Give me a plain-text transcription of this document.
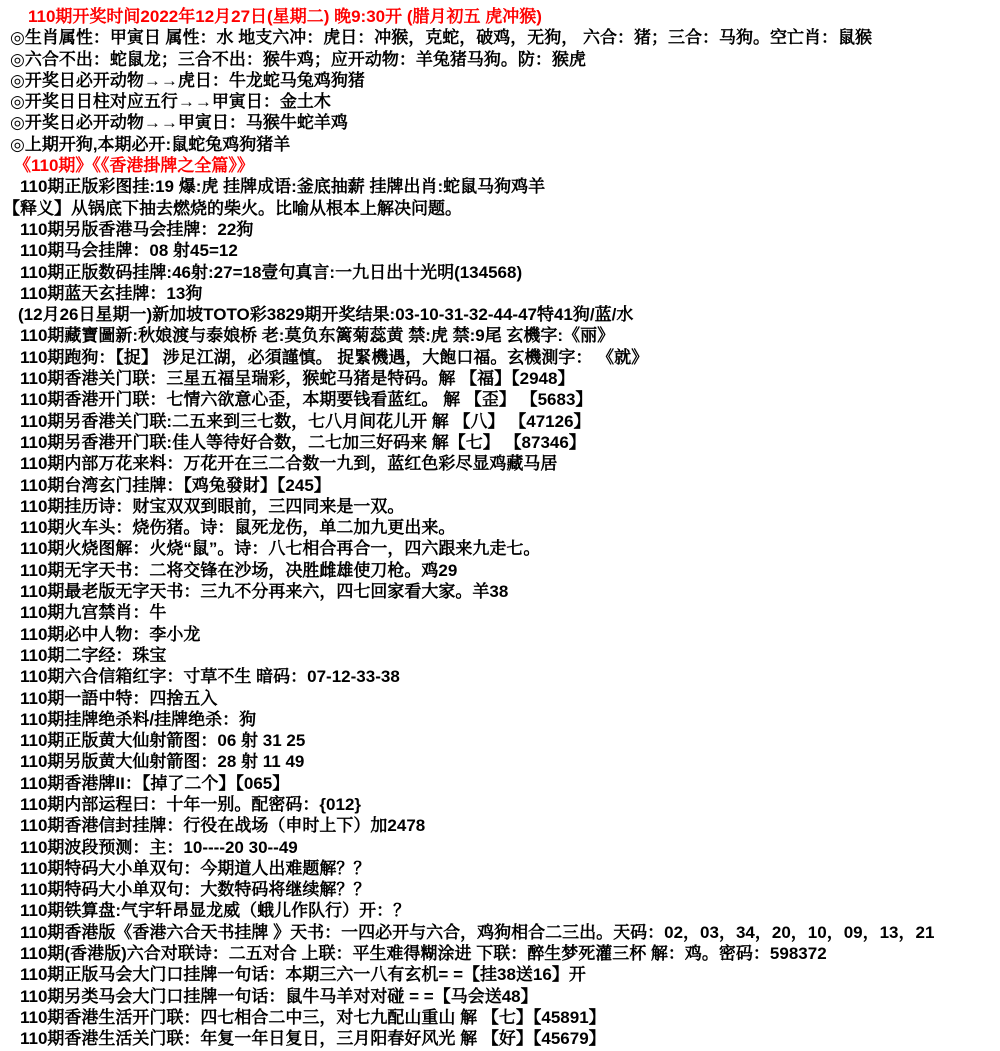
110期开奖时间2022年12月27日(星期二) 晚9:30开 (腊月初五 虎冲猴)
◎生肖属性：甲寅日 属性：水 地支六冲：虎日：冲猴，克蛇，破鸡，无狗， 六合：猪；三合：马狗。空亡肖：鼠猴
◎六合不出：蛇鼠龙；三合不出：猴牛鸡；应开动物：羊兔猪马狗。防：猴虎
◎开奖日必开动物→→虎日：牛龙蛇马兔鸡狗猪
◎开奖日日柱对应五行→→甲寅日：金土木
◎开奖日必开动物→→甲寅日：马猴牛蛇羊鸡
◎上期开狗,本期必开:鼠蛇兔鸡狗猪羊
《110期》《《香港掛牌之全篇》》
110期正版彩图挂:19 爆:虎 挂牌成语:釜底抽薪 挂牌出肖:蛇鼠马狗鸡羊
【释义】从锅底下抽去燃烧的柴火。比喻从根本上解决问题。
110期另版香港马会挂牌：22狗
110期马会挂牌：08 射45=12
110期正版数码挂牌:46射:27=18壹句真言:一九日出十光明(134568)
110期蓝天玄挂牌：13狗
(12月26日星期一)新加坡TOTO彩3829期开奖结果:03-10-31-32-44-47特41狗/蓝/水
110期藏寶圖新:秋娘渡与泰娘桥 老:莫负东篱菊蕊黄 禁:虎 禁:9尾 玄機字:《丽》
110期跑狗：【捉】 涉足江湖，必須謹慎。 捉緊機遇，大飽口福。玄機測字： 《就》
110期香港关门联：三星五福呈瑞彩，猴蛇马猪是特码。解 【福】【2948】
110期香港开门联：七情六欲意心歪，本期要钱看蓝红。 解 【歪】 【5683】
110期另香港关门联:二五来到三七数，七八月间花儿开 解 【八】 【47126】
110期另香港开门联:佳人等待好合数，二七加三好码来 解【七】 【87346】
110期内部万花来料：万花开在三二合数一九到，蓝红色彩尽显鸡藏马居
110期台湾玄门挂牌：【鸡兔發財】【245】
110期挂历诗：财宝双双到眼前，三四同来是一双。
110期火车头：烧伤猪。诗：鼠死龙伤，单二加九更出来。
110期火烧图解：火烧“鼠”。诗：八七相合再合一，四六跟来九走七。
110期无字天书：二将交锋在沙场，决胜雌雄使刀枪。鸡29
110期最老版无字天书：三九不分再来六，四七回家看大家。羊38
110期九宫禁肖：牛
110期必中人物：李小龙
110期二字经：珠宝
110期六合信箱红字：寸草不生 暗码：07-12-33-38
110期一語中特：四捨五入
110期挂牌绝杀料/挂牌绝杀：狗
110期正版黄大仙射箭图：06 射 31 25
110期另版黄大仙射箭图：28 射 11 49
110期香港牌II：【掉了二个】【065】
110期内部运程曰：十年一别。配密码：{012}
110期香港信封挂牌：行役在战场（申时上下）加2478
110期波段预测：主：10----20 30--49
110期特码大小单双句：今期道人出难题解？？
110期特码大小单双句：大数特码将继续解？？
110期铁算盘:气宇轩昂显龙威（蛾儿作队行）开：？
110期香港版《香港六合天书挂牌 》天书：一四必开与六合，鸡狗相合二三出。天码：02，03，34，20，10，09，13，21
110期(香港版)六合对联诗：二五对合 上联：平生难得糊涂进 下联：醉生梦死灌三杯 解：鸡。密码：598372
110期正版马会大门口挂牌一句话：本期三六一八有玄机= =【挂38送16】开
110期另类马会大门口挂牌一句话：鼠牛马羊对对碰 = =【马会送48】
110期香港生活开门联：四七相合二中三，对七九配山重山 解 【七】【45891】
110期香港生活关门联：年复一年日复日，三月阳春好风光 解 【好】【45679】
